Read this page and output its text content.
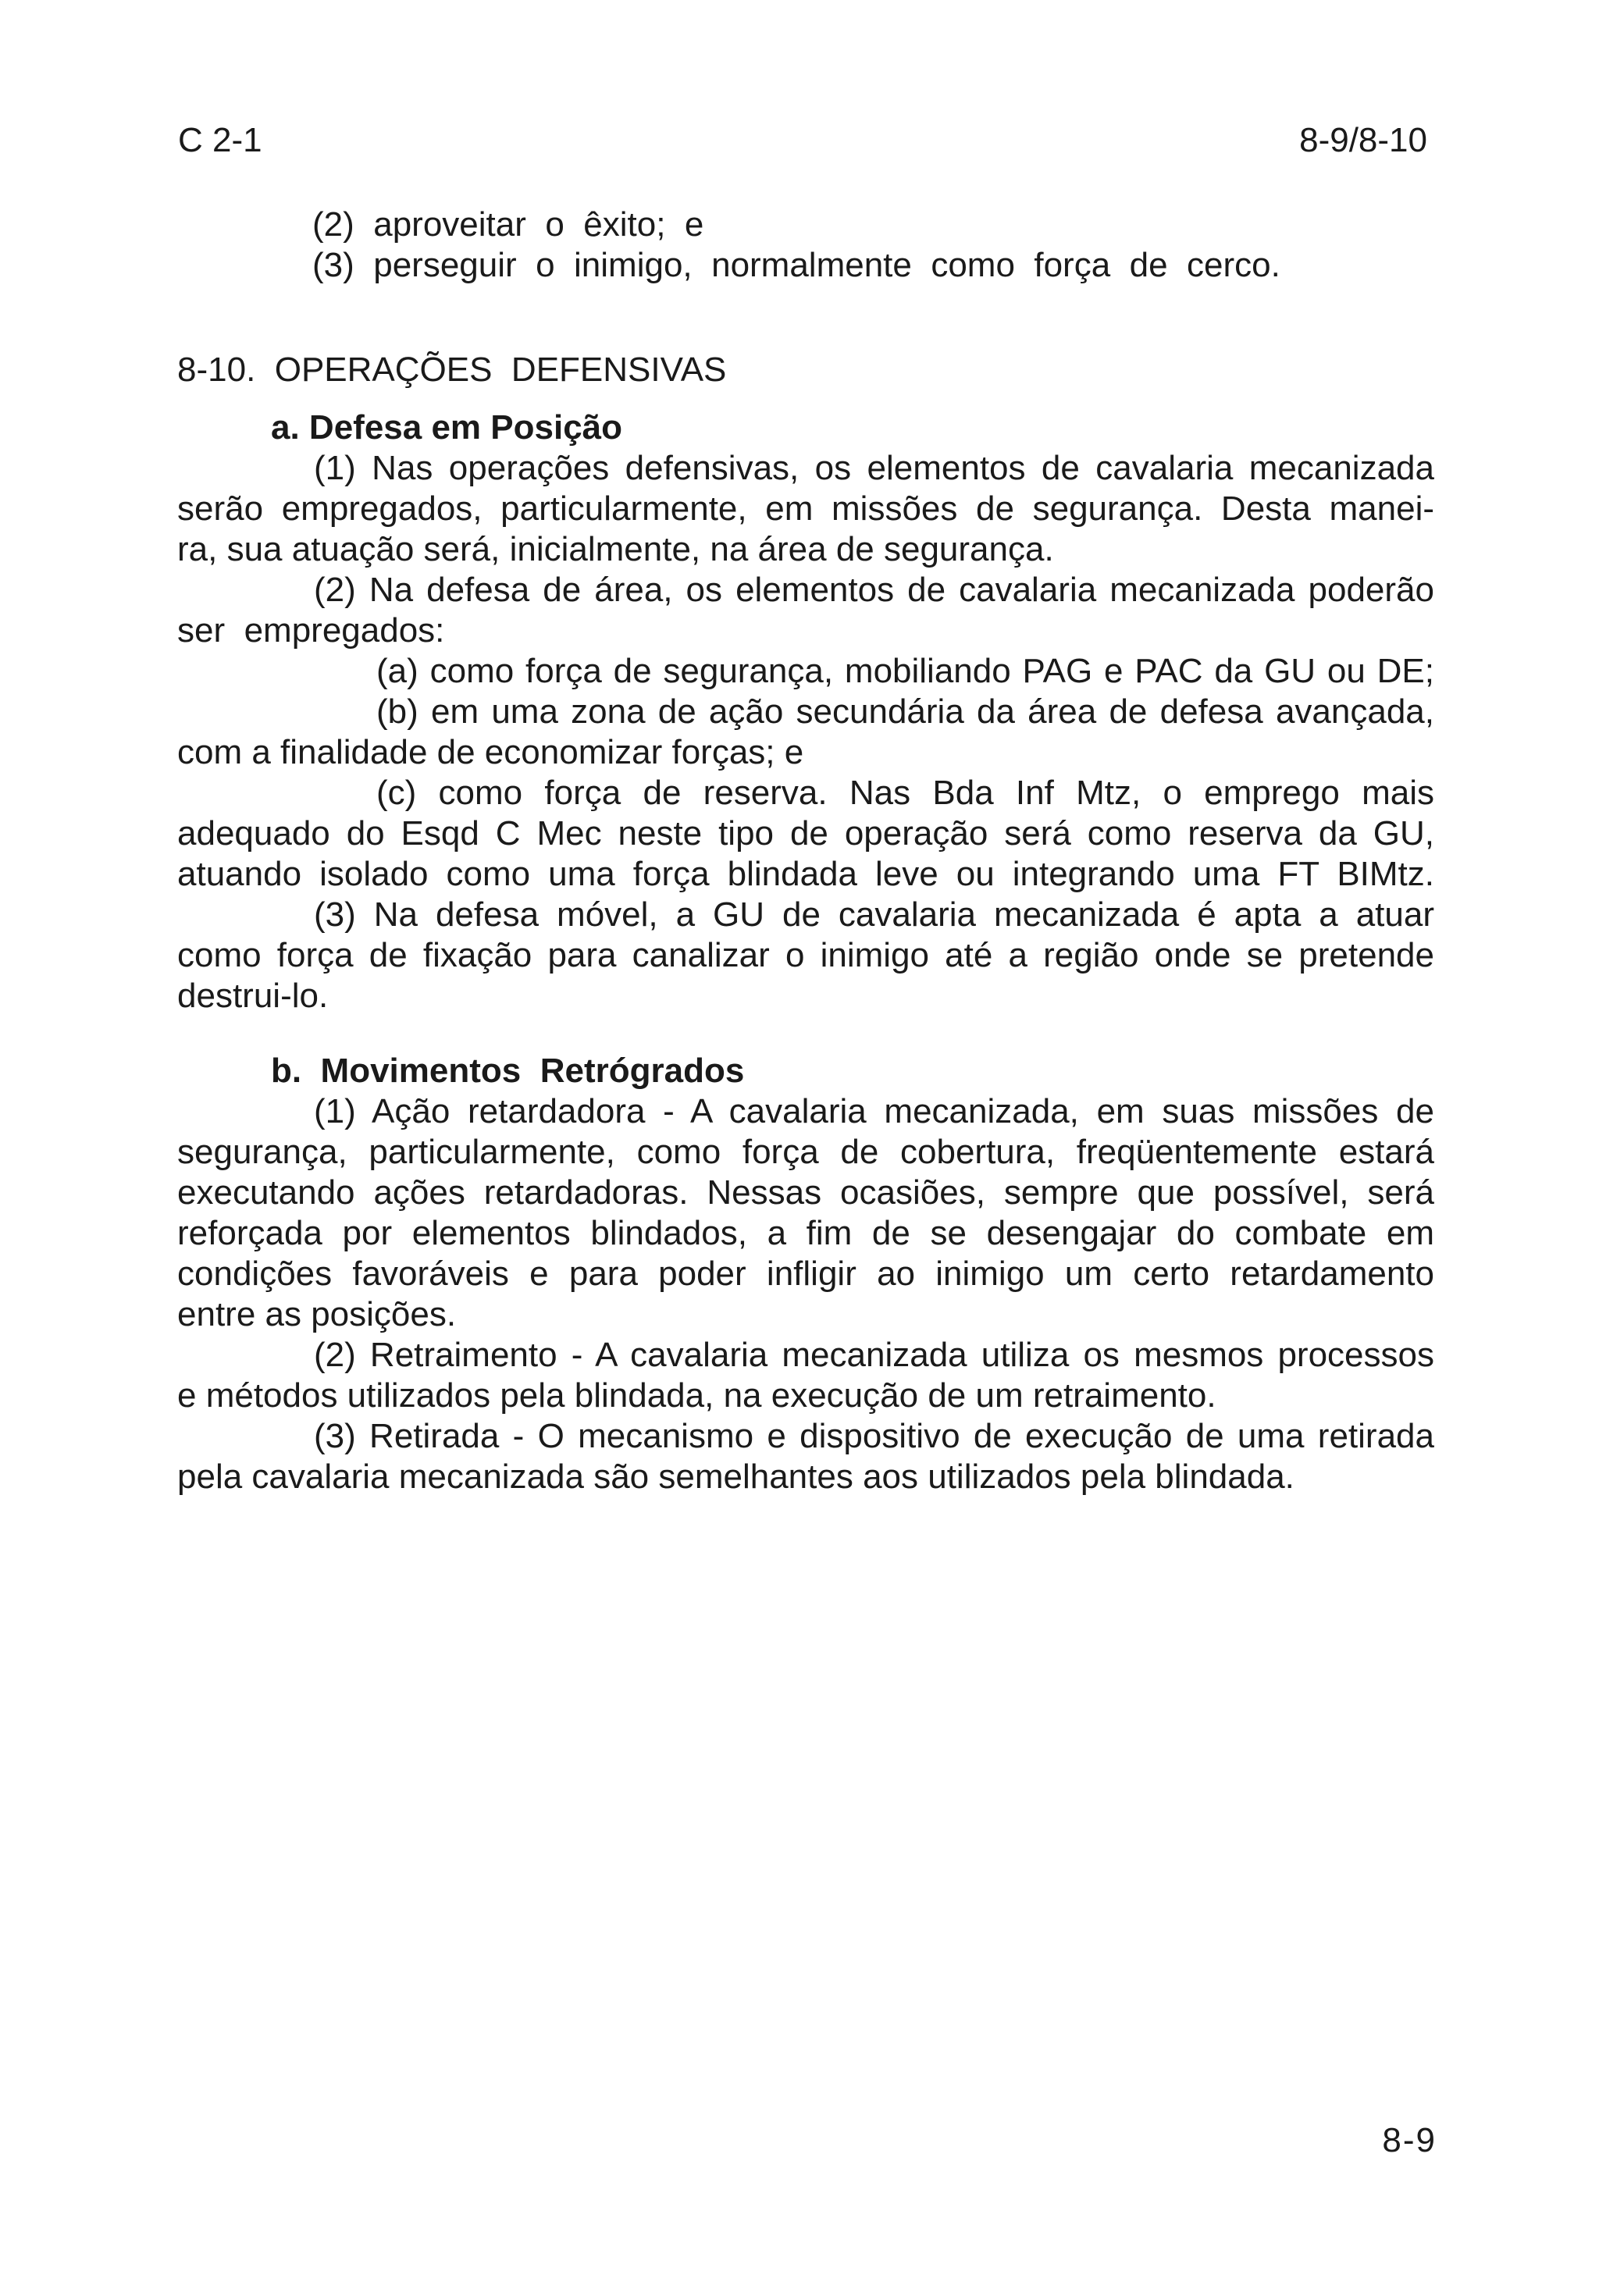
C 2-1	8-9/8-10
(2)  aproveitar  o  êxito;  e
(3)  perseguir  o  inimigo,  normalmente  como  força  de  cerco.
8-10.  OPERAÇÕES  DEFENSIVAS
a. Defesa em Posição
(1) Nas operações defensivas, os elementos de cavalaria mecanizada
serão empregados, particularmente, em missões de segurança. Desta manei-
ra, sua atuação será, inicialmente, na área de segurança.
(2) Na defesa de área, os elementos de cavalaria mecanizada poderão
ser  empregados:
(a) como força de segurança, mobiliando PAG e PAC da GU ou DE;
(b) em uma zona de ação secundária da área de defesa avançada,
com a finalidade de economizar forças; e
(c) como força de reserva. Nas Bda Inf Mtz, o emprego mais
adequado do Esqd C Mec neste tipo de operação será como reserva da GU,
atuando isolado como uma força blindada leve ou integrando uma FT BIMtz.
(3) Na defesa móvel, a GU de cavalaria mecanizada é apta a atuar
como força de fixação para canalizar o inimigo até a região onde se pretende
destrui-lo.
b.  Movimentos  Retrógrados
(1) Ação retardadora - A cavalaria mecanizada, em suas missões de
segurança, particularmente, como força de cobertura, freqüentemente estará
executando ações retardadoras. Nessas ocasiões, sempre que possível, será
reforçada por elementos blindados, a fim de se desengajar do combate em
condições favoráveis e para poder infligir ao inimigo um certo retardamento
entre as posições.
(2) Retraimento - A cavalaria mecanizada utiliza os mesmos processos
e métodos utilizados pela blindada, na execução de um retraimento.
(3) Retirada - O mecanismo e dispositivo de execução de uma retirada
pela cavalaria mecanizada são semelhantes aos utilizados pela blindada.
8-9
